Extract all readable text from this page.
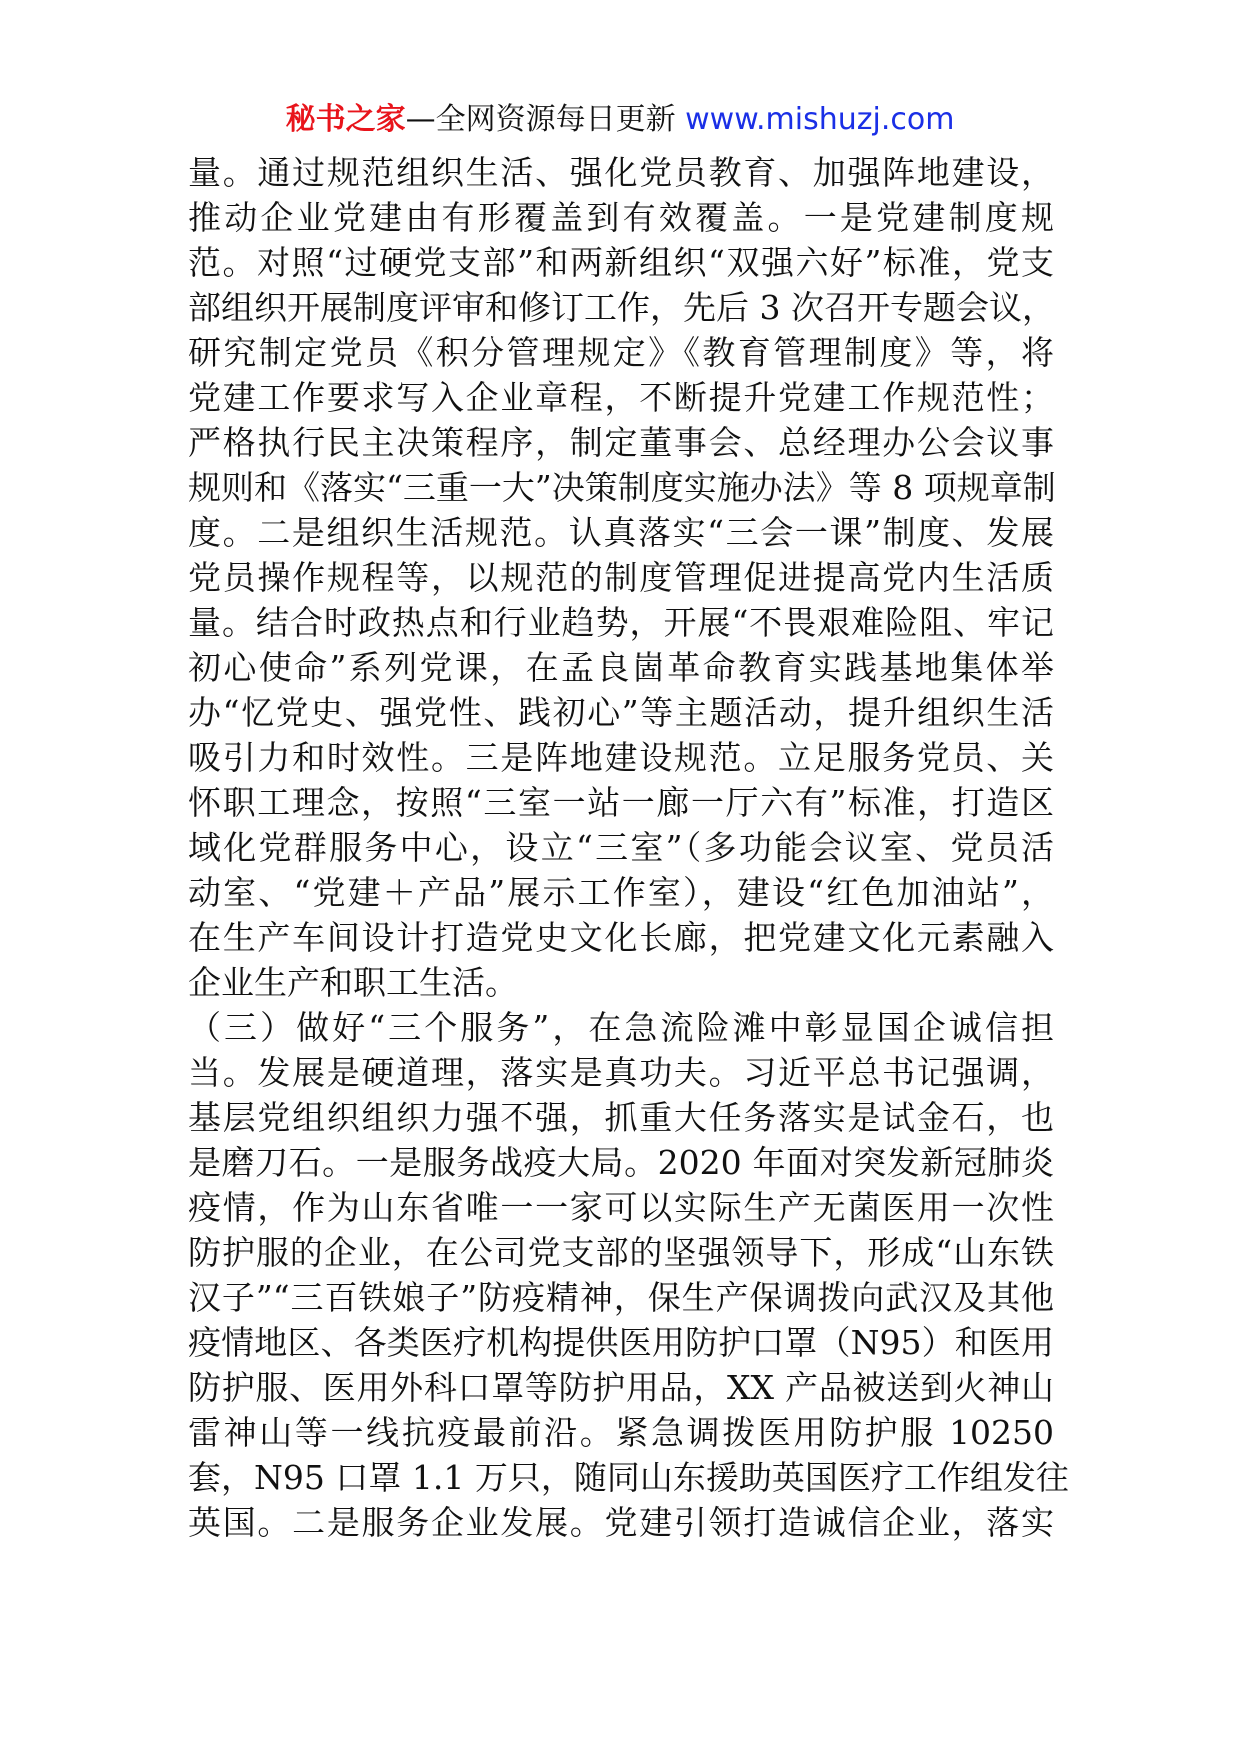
秘书之家—全网资源每日更新 www.mishuzj.com
量。通过规范组织生活、强化党员教育、加强阵地建设，
推动企业党建由有形覆盖到有效覆盖。一是党建制度规
范。对照“过硬党支部”和两新组织“双强六好”标准，党支
部组织开展制度评审和修订工作，先后 3 次召开专题会议，
研究制定党员《积分管理规定》《教育管理制度》等，将
党建工作要求写入企业章程，不断提升党建工作规范性；
严格执行民主决策程序，制定董事会、总经理办公会议事
规则和《落实“三重一大”决策制度实施办法》等 8 项规章制
度。二是组织生活规范。认真落实“三会一课”制度、发展
党员操作规程等，以规范的制度管理促进提高党内生活质
量。结合时政热点和行业趋势，开展“不畏艰难险阻、牢记
初心使命”系列党课，在孟良崮革命教育实践基地集体举
办“忆党史、强党性、践初心”等主题活动，提升组织生活
吸引力和时效性。三是阵地建设规范。立足服务党员、关
怀职工理念，按照“三室一站一廊一厅六有”标准，打造区
域化党群服务中心，设立“三室”（多功能会议室、党员活
动室、“党建＋产品”展示工作室），建设“红色加油站”，
在生产车间设计打造党史文化长廊，把党建文化元素融入
企业生产和职工生活。
（三）做好“三个服务”，在急流险滩中彰显国企诚信担
当。发展是硬道理，落实是真功夫。习近平总书记强调，
基层党组织组织力强不强，抓重大任务落实是试金石，也
是磨刀石。一是服务战疫大局。2020 年面对突发新冠肺炎
疫情，作为山东省唯一一家可以实际生产无菌医用一次性
防护服的企业，在公司党支部的坚强领导下，形成“山东铁
汉子”“三百铁娘子”防疫精神，保生产保调拨向武汉及其他
疫情地区、各类医疗机构提供医用防护口罩（N95）和医用
防护服、医用外科口罩等防护用品，XX 产品被送到火神山
雷神山等一线抗疫最前沿。紧急调拨医用防护服 10250
套，N95 口罩 1.1 万只，随同山东援助英国医疗工作组发往
英国。二是服务企业发展。党建引领打造诚信企业，落实
